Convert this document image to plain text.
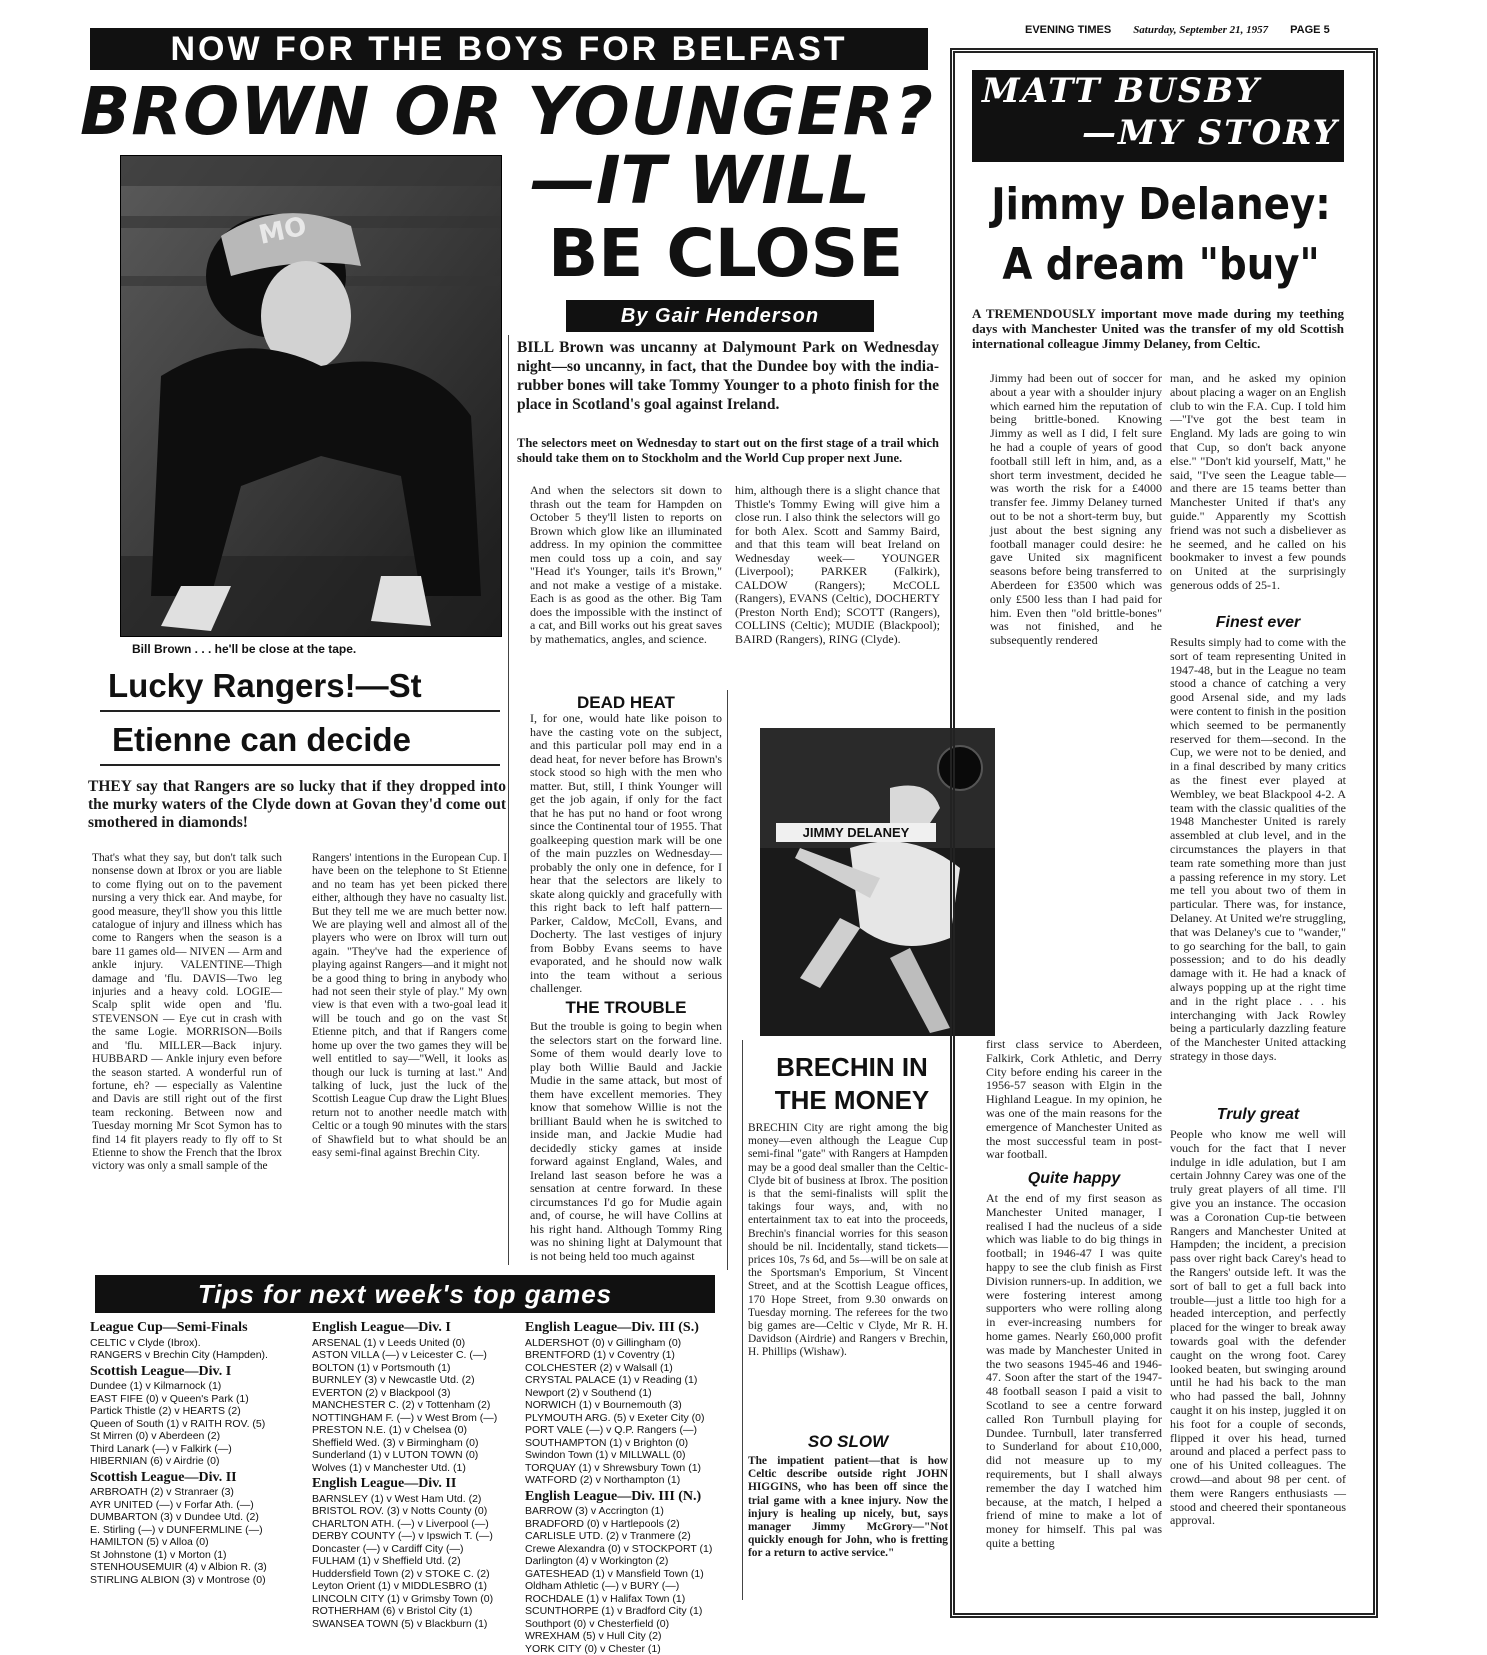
EVENING TIMES Saturday, September 21, 1957 PAGE 5
NOW FOR THE BOYS FOR BELFAST
BROWN OR YOUNGER?
—IT WILL
BE CLOSE
By Gair Henderson
MO
Bill Brown . . . he'll be close at the tape.
Lucky Rangers!—St
Etienne can decide
THEY say that Rangers are so lucky that if they dropped into the murky waters of the Clyde down at Govan they'd come out smothered in diamonds!
That's what they say, but don't talk such nonsense down at Ibrox or you are liable to come flying out on to the pavement nursing a very thick ear. And maybe, for good measure, they'll show you this little catalogue of injury and illness which has come to Rangers when the season is a bare 11 games old— NIVEN — Arm and ankle injury. VALENTINE—Thigh damage and 'flu. DAVIS—Two leg injuries and a heavy cold. LOGIE—Scalp split wide open and 'flu. STEVENSON — Eye cut in crash with the same Logie. MORRISON—Boils and 'flu. MILLER—Back injury. HUBBARD — Ankle injury even before the season started. A wonderful run of fortune, eh? — especially as Valentine and Davis are still right out of the first team reckoning. Between now and Tuesday morning Mr Scot Symon has to find 14 fit players ready to fly off to St Etienne to show the French that the Ibrox victory was only a small sample of the
Rangers' intentions in the European Cup. I have been on the telephone to St Etienne and no team has yet been picked there either, although they have no casualty list. But they tell me we are much better now. We are playing well and almost all of the players who were on Ibrox will turn out again. "They've had the experience of playing against Rangers—and it might not be a good thing to bring in anybody who had not seen their style of play." My own view is that even with a two-goal lead it will be touch and go on the vast St Etienne pitch, and that if Rangers come home up over the two games they will be well entitled to say—"Well, it looks as though our luck is turning at last." And talking of luck, just the luck of the Scottish League Cup draw the Light Blues return not to another needle match with Celtic or a tough 90 minutes with the stars of Shawfield but to what should be an easy semi-final against Brechin City.
BILL Brown was uncanny at Dalymount Park on Wednesday night—so uncanny, in fact, that the Dundee boy with the india-rubber bones will take Tommy Younger to a photo finish for the place in Scotland's goal against Ireland.
The selectors meet on Wednesday to start out on the first stage of a trail which should take them on to Stockholm and the World Cup proper next June.
And when the selectors sit down to thrash out the team for Hampden on October 5 they'll listen to reports on Brown which glow like an illuminated address. In my opinion the committee men could toss up a coin, and say "Head it's Younger, tails it's Brown," and not make a vestige of a mistake. Each is as good as the other. Big Tam does the impossible with the instinct of a cat, and Bill works out his great saves by mathematics, angles, and science.
him, although there is a slight chance that Thistle's Tommy Ewing will give him a close run. I also think the selectors will go for both Alex. Scott and Sammy Baird, and that this team will beat Ireland on Wednesday week— YOUNGER (Liverpool); PARKER (Falkirk), CALDOW (Rangers); McCOLL (Rangers), EVANS (Celtic), DOCHERTY (Preston North End); SCOTT (Rangers), COLLINS (Celtic); MUDIE (Blackpool); BAIRD (Rangers), RING (Clyde).
DEAD HEAT
I, for one, would hate like poison to have the casting vote on the subject, and this particular poll may end in a dead heat, for never before has Brown's stock stood so high with the men who matter. But, still, I think Younger will get the job again, if only for the fact that he has put no hand or foot wrong since the Continental tour of 1955. That goalkeeping question mark will be one of the main puzzles on Wednesday—probably the only one in defence, for I hear that the selectors are likely to skate along quickly and gracefully with this right back to left half pattern—Parker, Caldow, McColl, Evans, and Docherty. The last vestiges of injury from Bobby Evans seems to have evaporated, and he should now walk into the team without a serious challenger.
THE TROUBLE
But the trouble is going to begin when the selectors start on the forward line. Some of them would dearly love to play both Willie Bauld and Jackie Mudie in the same attack, but most of them have excellent memories. They know that somehow Willie is not the brilliant Bauld when he is switched to inside man, and Jackie Mudie had decidedly sticky games at inside forward against England, Wales, and Ireland last season before he was a sensation at centre forward. In these circumstances I'd go for Mudie again and, of course, he will have Collins at his right hand. Although Tommy Ring was no shining light at Dalymount that is not being held too much against
JIMMY DELANEY
BRECHIN IN
THE MONEY
BRECHIN City are right among the big money—even although the League Cup semi-final "gate" with Rangers at Hampden may be a good deal smaller than the Celtic-Clyde bit of business at Ibrox. The position is that the semi-finalists will split the takings four ways, and, with no entertainment tax to eat into the proceeds, Brechin's financial worries for this season should be nil. Incidentally, stand tickets—prices 10s, 7s 6d, and 5s—will be on sale at the Sportsman's Emporium, St Vincent Street, and at the Scottish League offices, 170 Hope Street, from 9.30 onwards on Tuesday morning. The referees for the two big games are—Celtic v Clyde, Mr R. H. Davidson (Airdrie) and Rangers v Brechin, H. Phillips (Wishaw).
SO SLOW
The impatient patient—that is how Celtic describe outside right JOHN HIGGINS, who has been off since the trial game with a knee injury. Now the injury is healing up nicely, but, says manager Jimmy McGrory—"Not quickly enough for John, who is fretting for a return to active service."
Tips for next week's top games
League Cup—Semi-Finals
CELTIC v Clyde (Ibrox).
RANGERS v Brechin City (Hampden).
Scottish League—Div. I
Dundee (1) v Kilmarnock (1)
EAST FIFE (0) v Queen's Park (1)
Partick Thistle (2) v HEARTS (2)
Queen of South (1) v RAITH ROV. (5)
St Mirren (0) v Aberdeen (2)
Third Lanark (—) v Falkirk (—)
HIBERNIAN (6) v Airdrie (0)
Scottish League—Div. II
ARBROATH (2) v Stranraer (3)
AYR UNITED (—) v Forfar Ath. (—)
DUMBARTON (3) v Dundee Utd. (2)
E. Stirling (—) v DUNFERMLINE (—)
HAMILTON (5) v Alloa (0)
St Johnstone (1) v Morton (1)
STENHOUSEMUIR (4) v Albion R. (3)
STIRLING ALBION (3) v Montrose (0)
English League—Div. I
ARSENAL (1) v Leeds United (0)
ASTON VILLA (—) v Leicester C. (—)
BOLTON (1) v Portsmouth (1)
BURNLEY (3) v Newcastle Utd. (2)
EVERTON (2) v Blackpool (3)
MANCHESTER C. (2) v Tottenham (2)
NOTTINGHAM F. (—) v West Brom (—)
PRESTON N.E. (1) v Chelsea (0)
Sheffield Wed. (3) v Birmingham (0)
Sunderland (1) v LUTON TOWN (0)
Wolves (1) v Manchester Utd. (1)
English League—Div. II
BARNSLEY (1) v West Ham Utd. (2)
BRISTOL ROV. (3) v Notts County (0)
CHARLTON ATH. (—) v Liverpool (—)
DERBY COUNTY (—) v Ipswich T. (—)
Doncaster (—) v Cardiff City (—)
FULHAM (1) v Sheffield Utd. (2)
Huddersfield Town (2) v STOKE C. (2)
Leyton Orient (1) v MIDDLESBRO (1)
LINCOLN CITY (1) v Grimsby Town (0)
ROTHERHAM (6) v Bristol City (1)
SWANSEA TOWN (5) v Blackburn (1)
English League—Div. III (S.)
ALDERSHOT (0) v Gillingham (0)
BRENTFORD (1) v Coventry (1)
COLCHESTER (2) v Walsall (1)
CRYSTAL PALACE (1) v Reading (1)
Newport (2) v Southend (1)
NORWICH (1) v Bournemouth (3)
PLYMOUTH ARG. (5) v Exeter City (0)
PORT VALE (—) v Q.P. Rangers (—)
SOUTHAMPTON (1) v Brighton (0)
Swindon Town (1) v MILLWALL (0)
TORQUAY (1) v Shrewsbury Town (1)
WATFORD (2) v Northampton (1)
English League—Div. III (N.)
BARROW (3) v Accrington (1)
BRADFORD (0) v Hartlepools (2)
CARLISLE UTD. (2) v Tranmere (2)
Crewe Alexandra (0) v STOCKPORT (1)
Darlington (4) v Workington (2)
GATESHEAD (1) v Mansfield Town (1)
Oldham Athletic (—) v BURY (—)
ROCHDALE (1) v Halifax Town (1)
SCUNTHORPE (1) v Bradford City (1)
Southport (0) v Chesterfield (0)
WREXHAM (5) v Hull City (2)
YORK CITY (0) v Chester (1)
MATT BUSBY
—MY STORY
Jimmy Delaney:
A dream "buy"
A TREMENDOUSLY important move made during my teething days with Manchester United was the transfer of my old Scottish international colleague Jimmy Delaney, from Celtic.
Jimmy had been out of soccer for about a year with a shoulder injury which earned him the reputation of being brittle-boned. Knowing Jimmy as well as I did, I felt sure he had a couple of years of good football still left in him, and, as a short term investment, decided he was worth the risk for a £4000 transfer fee. Jimmy Delaney turned out to be not a short-term buy, but just about the best signing any football manager could desire: he gave United six magnificent seasons before being transferred to Aberdeen for £3500 which was only £500 less than I had paid for him. Even then "old brittle-bones" was not finished, and he subsequently rendered
man, and he asked my opinion about placing a wager on an English club to win the F.A. Cup. I told him—"I've got the best team in England. My lads are going to win that Cup, so don't back anyone else." "Don't kid yourself, Matt," he said, "I've seen the League table—and there are 15 teams better than Manchester United if that's any guide." Apparently my Scottish friend was not such a disbeliever as he seemed, and he called on his bookmaker to invest a few pounds on United at the surprisingly generous odds of 25-1.
Finest ever
Results simply had to come with the sort of team representing United in 1947-48, but in the League no team stood a chance of catching a very good Arsenal side, and my lads were content to finish in the position which seemed to be permanently reserved for them—second. In the Cup, we were not to be denied, and in a final described by many critics as the finest ever played at Wembley, we beat Blackpool 4-2. A team with the classic qualities of the 1948 Manchester United is rarely assembled at club level, and in the circumstances the players in that team rate something more than just a passing reference in my story. Let me tell you about two of them in particular. There was, for instance, Delaney. At United we're struggling, that was Delaney's cue to "wander," to go searching for the ball, to gain possession; and to do his deadly damage with it. He had a knack of always popping up at the right time and in the right place . . . his interchanging with Jack Rowley being a particularly dazzling feature of the Manchester United attacking strategy in those days.
first class service to Aberdeen, Falkirk, Cork Athletic, and Derry City before ending his career in the 1956-57 season with Elgin in the Highland League. In my opinion, he was one of the main reasons for the emergence of Manchester United as the most successful team in post-war football.
Quite happy
At the end of my first season as Manchester United manager, I realised I had the nucleus of a side which was liable to do big things in football; in 1946-47 I was quite happy to see the club finish as First Division runners-up. In addition, we were fostering interest among supporters who were rolling along in ever-increasing numbers for home games. Nearly £60,000 profit was made by Manchester United in the two seasons 1945-46 and 1946-47. Soon after the start of the 1947-48 football season I paid a visit to Scotland to see a centre forward called Ron Turnbull playing for Dundee. Turnbull, later transferred to Sunderland for about £10,000, did not measure up to my requirements, but I shall always remember the day I watched him because, at the match, I helped a friend of mine to make a lot of money for himself. This pal was quite a betting
Truly great
People who know me well will vouch for the fact that I never indulge in idle adulation, but I am certain Johnny Carey was one of the truly great players of all time. I'll give you an instance. The occasion was a Coronation Cup-tie between Rangers and Manchester United at Hampden; the incident, a precision pass over right back Carey's head to the Rangers' outside left. It was the sort of ball to get a full back into trouble—just a little too high for a headed interception, and perfectly placed for the winger to break away towards goal with the defender caught on the wrong foot. Carey looked beaten, but swinging around until he had his back to the man who had passed the ball, Johnny caught it on his instep, juggled it on his foot for a couple of seconds, flipped it over his head, turned around and placed a perfect pass to one of his United colleagues. The crowd—and about 98 per cent. of them were Rangers enthusiasts — stood and cheered their spontaneous approval.
